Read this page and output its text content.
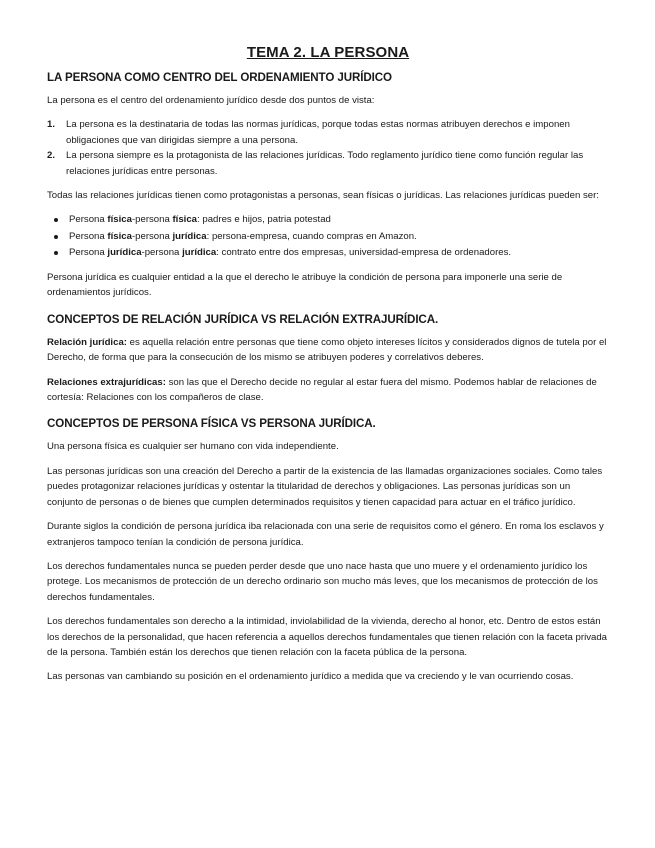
TEMA 2. LA PERSONA
LA PERSONA COMO CENTRO DEL ORDENAMIENTO JURÍDICO

La persona es el centro del ordenamiento jurídico desde dos puntos de vista:

1. La persona es la destinataria de todas las normas jurídicas, porque todas estas normas atribuyen derechos e imponen obligaciones que van dirigidas siempre a una persona.
2. La persona siempre es la protagonista de las relaciones jurídicas. Todo reglamento jurídico tiene como función regular las relaciones jurídicas entre personas.

Todas las relaciones jurídicas tienen como protagonistas a personas, sean físicas o jurídicas. Las relaciones jurídicas pueden ser:

Persona física-persona física: padres e hijos, patria potestad
Persona física-persona jurídica: persona-empresa, cuando compras en Amazon.
Persona jurídica-persona jurídica: contrato entre dos empresas, universidad-empresa de ordenadores.

Persona jurídica es cualquier entidad a la que el derecho le atribuye la condición de persona para imponerle una serie de ordenamientos jurídicos.

CONCEPTOS DE RELACIÓN JURÍDICA VS RELACIÓN EXTRAJURÍDICA.

Relación jurídica: es aquella relación entre personas que tiene como objeto intereses lícitos y considerados dignos de tutela por el Derecho, de forma que para la consecución de los mismo se atribuyen poderes y correlativos deberes.

Relaciones extrajurídicas: son las que el Derecho decide no regular al estar fuera del mismo. Podemos hablar de relaciones de cortesía: Relaciones con los compañeros de clase.

CONCEPTOS DE PERSONA FÍSICA VS PERSONA JURÍDICA.

Una persona física es cualquier ser humano con vida independiente.

Las personas jurídicas son una creación del Derecho a partir de la existencia de las llamadas organizaciones sociales. Como tales puedes protagonizar relaciones jurídicas y ostentar la titularidad de derechos y obligaciones. Las personas jurídicas son un conjunto de personas o de bienes que cumplen determinados requisitos y tienen capacidad para actuar en el tráfico jurídico.

Durante siglos la condición de persona jurídica iba relacionada con una serie de requisitos como el género. En roma los esclavos y extranjeros tampoco tenían la condición de persona jurídica.

Los derechos fundamentales nunca se pueden perder desde que uno nace hasta que uno muere y el ordenamiento jurídico los protege. Los mecanismos de protección de un derecho ordinario son mucho más leves, que los mecanismos de protección de los derechos fundamentales.

Los derechos fundamentales son derecho a la intimidad, inviolabilidad de la vivienda, derecho al honor, etc. Dentro de estos están los derechos de la personalidad, que hacen referencia a aquellos derechos fundamentales que tienen relación con la faceta privada de la persona. También están los derechos que tienen relación con la faceta pública de la persona.

Las personas van cambiando su posición en el ordenamiento jurídico a medida que va creciendo y le van ocurriendo cosas.
